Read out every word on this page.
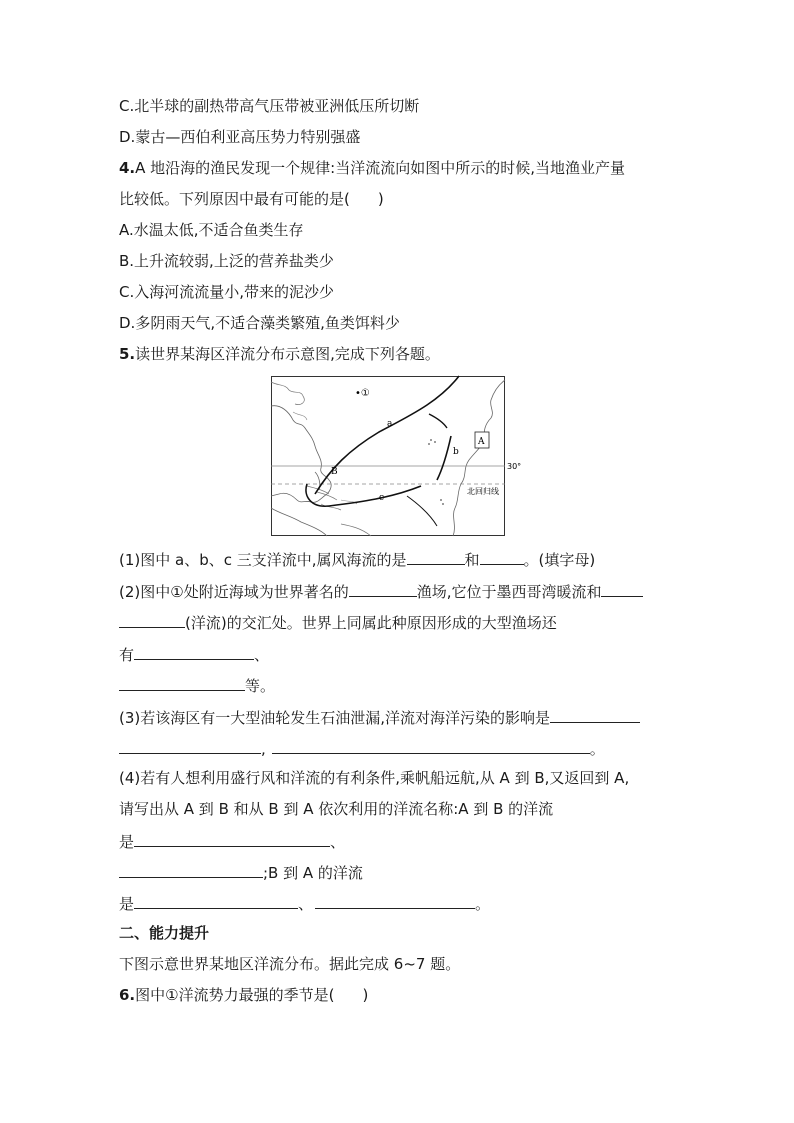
C.北半球的副热带高气压带被亚洲低压所切断
D.蒙古—西伯利亚高压势力特别强盛
4.A 地沿海的渔民发现一个规律:当洋流流向如图中所示的时候,当地渔业产量
比较低。下列原因中最有可能的是( )
A.水温太低,不适合鱼类生存
B.上升流较弱,上泛的营养盐类少
C.入海河流流量小,带来的泥沙少
D.多阴雨天气,不适合藻类繁殖,鱼类饵料少
5.读世界某海区洋流分布示意图,完成下列各题。
•①
a
b
c
A
B
30°
北回归线
(1)图中 a、b、c 三支洋流中,属风海流的是	和	。(填字母)
(2)图中①处附近海域为世界著名的	渔场,它位于墨西哥湾暖流和
(洋流)的交汇处。世界上同属此种原因形成的大型渔场还
有	、
等。
(3)若该海区有一大型油轮发生石油泄漏,洋流对海洋污染的影响是
,	。
(4)若有人想利用盛行风和洋流的有利条件,乘帆船远航,从 A 到 B,又返回到 A,
请写出从 A 到 B 和从 B 到 A 依次利用的洋流名称:A 到 B 的洋流
是	、
;B 到 A 的洋流
是	、	。
二、能力提升
下图示意世界某地区洋流分布。据此完成 6~7 题。
6.图中①洋流势力最强的季节是( )
